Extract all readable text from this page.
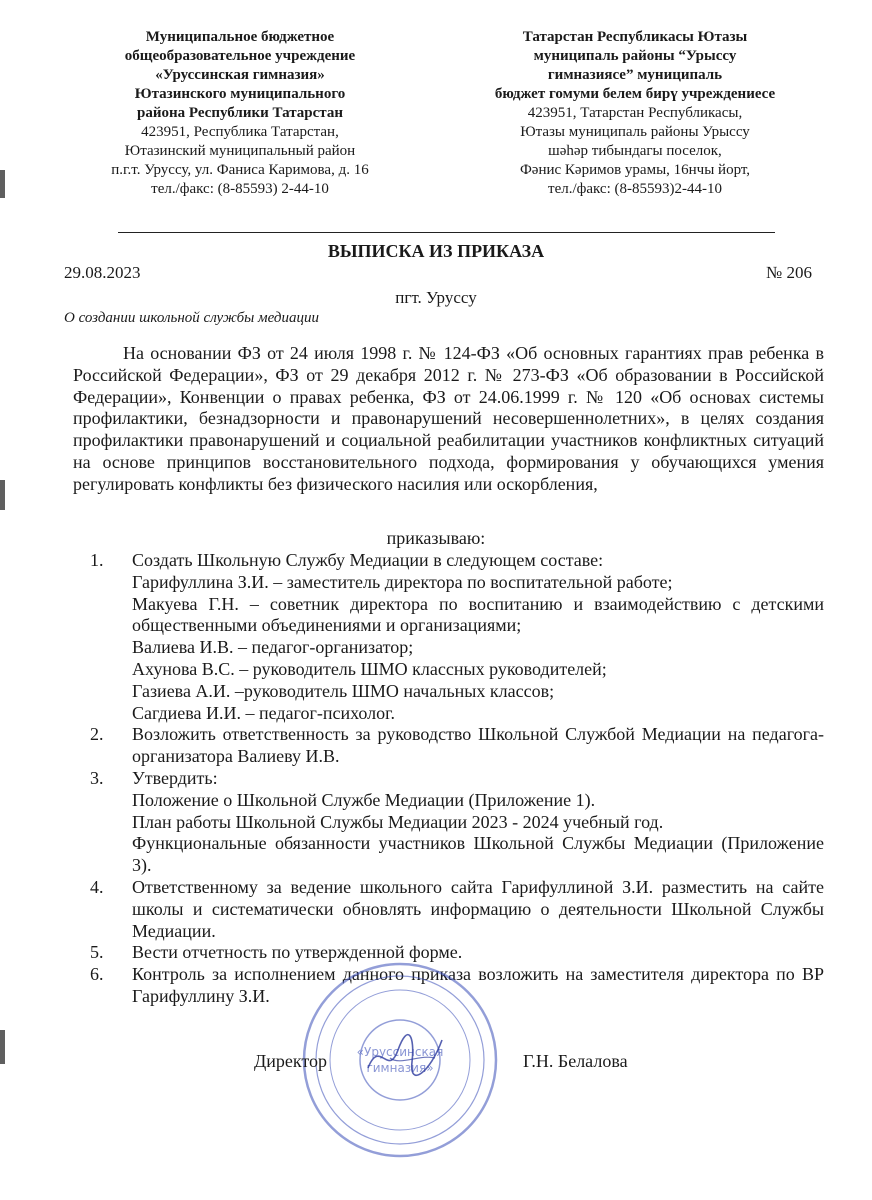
Муниципальное бюджетное
общеобразовательное учреждение
«Уруссинская гимназия»
Ютазинского муниципального
района Республики Татарстан
423951, Республика Татарстан,
Ютазинский муниципальный район
п.г.т. Уруссу, ул. Фаниса Каримова, д. 16
тел./факс: (8-85593) 2-44-10
Татарстан Республикасы Ютазы
муниципаль районы “Урыссу
гимназиясе” муниципаль
бюджет гомуми белем бирү учреждениесе
423951, Татарстан Республикасы,
Ютазы муниципаль районы Урыссу
шәһәр тибындагы поселок,
Фәнис Кәримов урамы, 16нчы йорт,
тел./факс: (8-85593)2-44-10
ВЫПИСКА ИЗ ПРИКАЗА
29.08.2023	№ 206
пгт. Уруссу
О создании школьной службы медиации

На основании ФЗ от 24 июля 1998 г. № 124-ФЗ «Об основных гарантиях прав ребенка в Российской Федерации», ФЗ от 29 декабря 2012 г. № 273-ФЗ «Об образовании в Российской Федерации», Конвенции о правах ребенка, ФЗ от 24.06.1999 г. № 120 «Об основах системы профилактики, безнадзорности и правонарушений несовершеннолетних», в целях создания профилактики правонарушений и социальной реабилитации участников конфликтных ситуаций на основе принципов восстановительного подхода, формирования у обучающихся умения регулировать конфликты без физического насилия или оскорбления,

приказываю:
1. Создать Школьную Службу Медиации в следующем составе:
Гарифуллина З.И. – заместитель директора по воспитательной работе;
Макуева Г.Н. – советник директора по воспитанию и взаимодействию с детскими общественными объединениями и организациями;
Валиева И.В. – педагог-организатор;
Ахунова В.С. – руководитель ШМО классных руководителей;
Газиева А.И. –руководитель ШМО начальных классов;
Сагдиева И.И. – педагог-психолог.
2. Возложить ответственность за руководство Школьной Службой Медиации на педагога-организатора Валиеву И.В.
3. Утвердить:
Положение о Школьной Службе Медиации (Приложение 1).
План работы Школьной Службы Медиации 2023 - 2024 учебный год.
Функциональные обязанности участников Школьной Службы Медиации (Приложение 3).
4. Ответственному за ведение школьного сайта Гарифуллиной З.И. разместить на сайте школы и систематически обновлять информацию о деятельности Школьной Службы Медиации.
5. Вести отчетность по утвержденной форме.
6. Контроль за исполнением данного приказа возложить на заместителя директора по ВР Гарифуллину З.И.
«Уруссинская
гимназия»
Директор	Г.Н. Белалова
